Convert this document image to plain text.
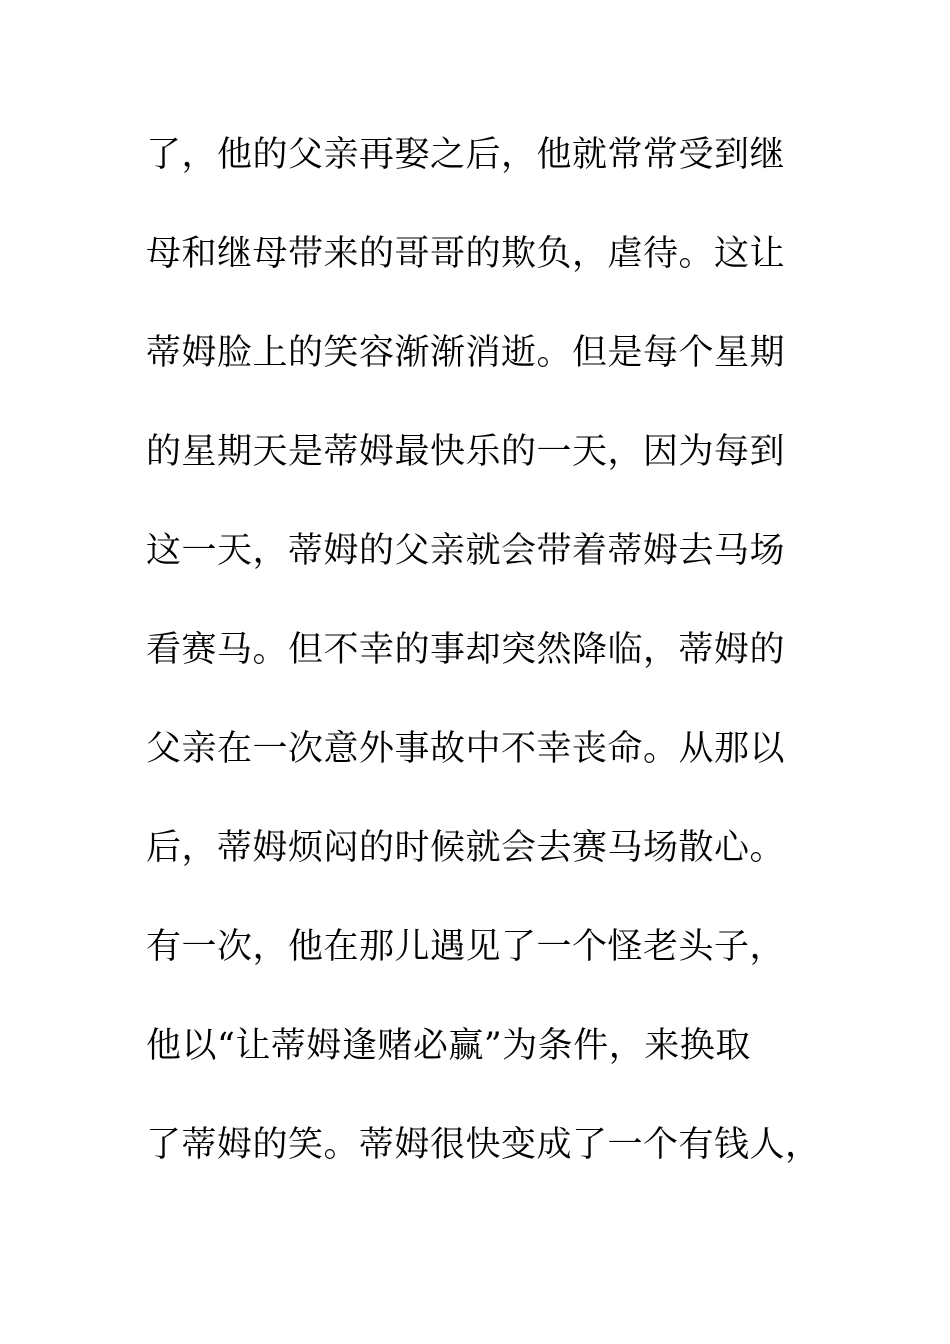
了，他的父亲再娶之后，他就常常受到继
母和继母带来的哥哥的欺负，虐待。这让
蒂姆脸上的笑容渐渐消逝。但是每个星期
的星期天是蒂姆最快乐的一天，因为每到
这一天，蒂姆的父亲就会带着蒂姆去马场
看赛马。但不幸的事却突然降临，蒂姆的
父亲在一次意外事故中不幸丧命。从那以
后，蒂姆烦闷的时候就会去赛马场散心。
有一次，他在那儿遇见了一个怪老头子，
他以“让蒂姆逢赌必赢”为条件，来换取
了蒂姆的笑。蒂姆很快变成了一个有钱人，
